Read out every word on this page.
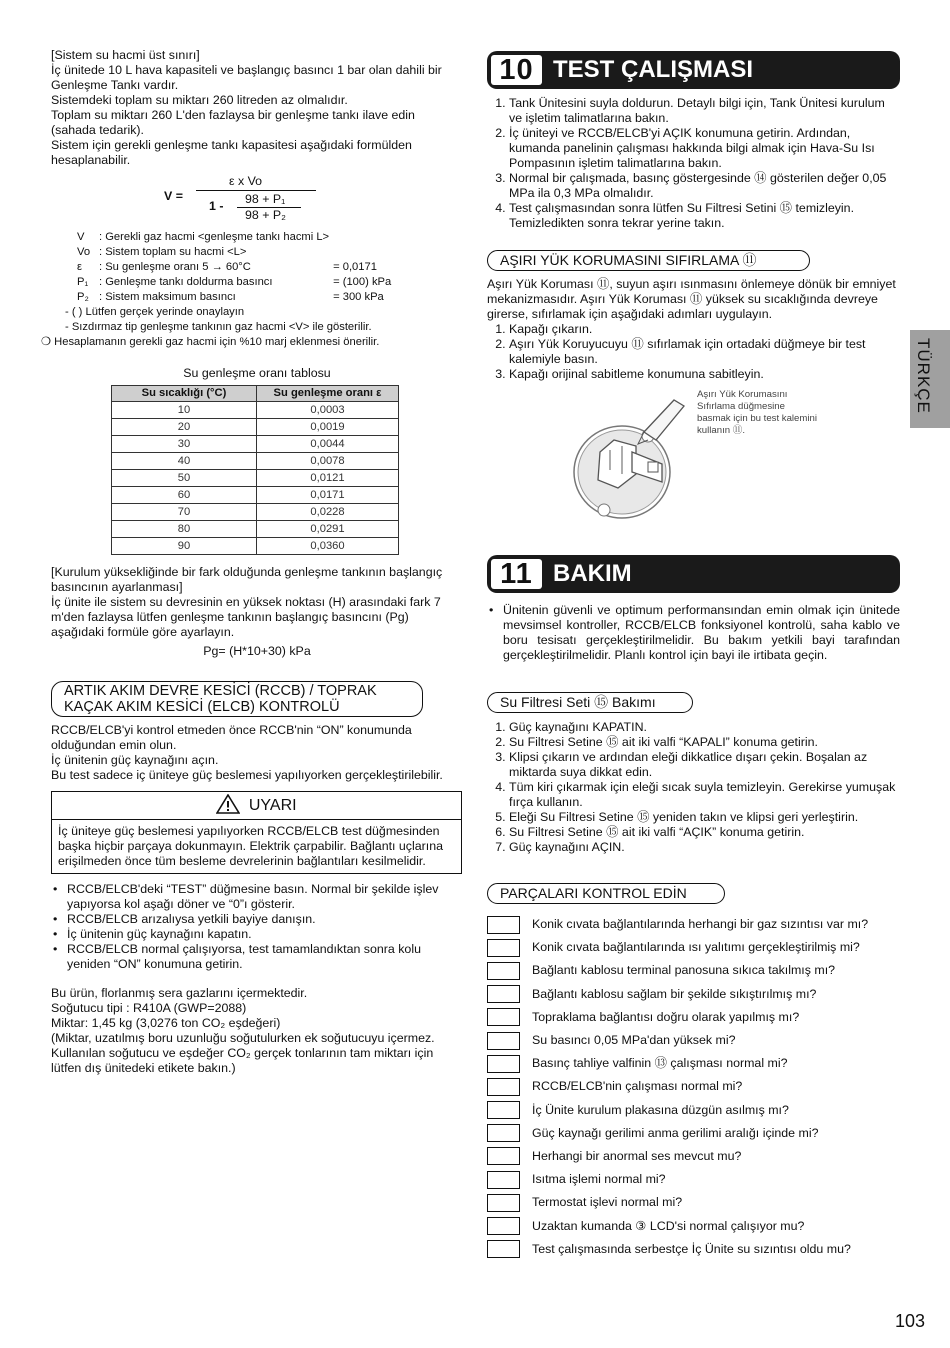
[Sistem su hacmi üst sınırı]

İç ünitede 10 L hava kapasiteli ve başlangıç basıncı 1 bar olan dahili bir Genleşme Tankı vardır.

Sistemdeki toplam su miktarı 260 litreden az olmalıdır.

Toplam su miktarı 260 L'den fazlaysa bir genleşme tankı ilave edin (sahada tedarik).

Sistem için gerekli genleşme tankı kapasitesi aşağıdaki formülden hesaplanabilir.

V =
ε x Vo
1 - 98 + P₁
98 + P₂
V	: Gerekli gaz hacmi <genleşme tankı hacmi L>	
Vo	: Sistem toplam su hacmi <L>	
ε	: Su genleşme oranı 5 → 60°C	= 0,0171
P₁	: Genleşme tankı doldurma basıncı	= (100) kPa
P₂	: Sistem maksimum basıncı	= 300 kPa

- ( ) Lütfen gerçek yerinde onaylayın

- Sızdırmaz tip genleşme tankının gaz hacmi <V> ile gösterilir.

❍ Hesaplamanın gerekli gaz hacmi için %10 marj eklenmesi önerilir.

Su genleşme oranı tablosu

Su sıcaklığı (°C)	Su genleşme oranı ε
10	0,0003
20	0,0019
30	0,0044
40	0,0078
50	0,0121
60	0,0171
70	0,0228
80	0,0291
90	0,0360

[Kurulum yüksekliğinde bir fark olduğunda genleşme tankının başlangıç basıncının ayarlanması]

İç ünite ile sistem su devresinin en yüksek noktası (H) arasındaki fark 7 m'den fazlaysa lütfen genleşme tankının başlangıç basıncını (Pg) aşağıdaki formüle göre ayarlayın.

Pg= (H*10+30) kPa

ARTIK AKIM DEVRE KESİCİ (RCCB) / TOPRAK KAÇAK AKIM KESİCİ (ELCB) KONTROLÜ

RCCB/ELCB'yi kontrol etmeden önce RCCB'nin “ON” konumunda olduğundan emin olun.

İç ünitenin güç kaynağını açın.

Bu test sadece iç üniteye güç beslemesi yapılıyorken gerçekleştirilebilir.

UYARI

İç üniteye güç beslemesi yapılıyorken RCCB/ELCB test düğmesinden başka hiçbir parçaya dokunmayın. Elektrik çarpabilir. Bağlantı uçlarına erişilmeden önce tüm besleme devrelerinin bağlantıları kesilmelidir.

• RCCB/ELCB'deki “TEST” düğmesine basın. Normal bir şekilde işlev yapıyorsa kol aşağı döner ve “0”ı gösterir.
• RCCB/ELCB arızalıysa yetkili bayiye danışın.
• İç ünitenin güç kaynağını kapatın.
• RCCB/ELCB normal çalışıyorsa, test tamamlandıktan sonra kolu yeniden “ON” konumuna getirin.

Bu ürün, florlanmış sera gazlarını içermektedir.

Soğutucu tipi : R410A (GWP=2088)

Miktar: 1,45 kg (3,0276 ton CO₂ eşdeğeri)

(Miktar, uzatılmış boru uzunluğu soğutulurken ek soğutucuyu içermez. Kullanılan soğutucu ve eşdeğer CO₂ gerçek tonlarının tam miktarı için lütfen dış ünitedeki etikete bakın.)

10 TEST ÇALIŞMASI
1. Tank Ünitesini suyla doldurun. Detaylı bilgi için, Tank Ünitesi kurulum ve işletim talimatlarına bakın.
2. İç üniteyi ve RCCB/ELCB'yi AÇIK konumuna getirin. Ardından, kumanda panelinin çalışması hakkında bilgi almak için Hava-Su Isı Pompasının işletim talimatlarına bakın.
3. Normal bir çalışmada, basınç göstergesinde ⑭ gösterilen değer 0,05 MPa ila 0,3 MPa olmalıdır.
4. Test çalışmasından sonra lütfen Su Filtresi Setini ⑮ temizleyin. Temizledikten sonra tekrar yerine takın.
AŞIRI YÜK KORUMASINI SIFIRLAMA ⑪

Aşırı Yük Koruması ⑪, suyun aşırı ısınmasını önlemeye dönük bir emniyet mekanizmasıdır. Aşırı Yük Koruması ⑪ yüksek su sıcaklığında devreye girerse, sıfırlamak için aşağıdaki adımları uygulayın.

1. Kapağı çıkarın.
2. Aşırı Yük Koruyucuyu ⑪ sıfırlamak için ortadaki düğmeye bir test kalemiyle basın.
3. Kapağı orijinal sabitleme konumuna sabitleyin.

Aşırı Yük Korumasını Sıfırlama düğmesine basmak için bu test kalemini kullanın ⑪.

11 BAKIM
• Ünitenin güvenli ve optimum performansından emin olmak için ünitede mevsimsel kontroller, RCCB/ELCB fonksiyonel kontrolü, saha kablo ve boru tesisatı gerçekleştirilmelidir. Bu bakım yetkili bayi tarafından gerçekleştirilmelidir. Planlı kontrol için bayi ile irtibata geçin.
Su Filtresi Seti ⑮ Bakımı
1. Güç kaynağını KAPATIN.
2. Su Filtresi Setine ⑮ ait iki valfi “KAPALI” konuma getirin.
3. Klipsi çıkarın ve ardından eleği dikkatlice dışarı çekin. Boşalan az miktarda suya dikkat edin.
4. Tüm kiri çıkarmak için eleği sıcak suyla temizleyin. Gerekirse yumuşak fırça kullanın.
5. Eleği Su Filtresi Setine ⑮ yeniden takın ve klipsi geri yerleştirin.
6. Su Filtresi Setine ⑮ ait iki valfi “AÇIK” konuma getirin.
7. Güç kaynağını AÇIN.
PARÇALARI KONTROL EDİN
Konik cıvata bağlantılarında herhangi bir gaz sızıntısı var mı?
Konik cıvata bağlantılarında ısı yalıtımı gerçekleştirilmiş mi?
Bağlantı kablosu terminal panosuna sıkıca takılmış mı?
Bağlantı kablosu sağlam bir şekilde sıkıştırılmış mı?
Topraklama bağlantısı doğru olarak yapılmış mı?
Su basıncı 0,05 MPa'dan yüksek mi?
Basınç tahliye valfinin ⑬ çalışması normal mi?
RCCB/ELCB'nin çalışması normal mi?
İç Ünite kurulum plakasına düzgün asılmış mı?
Güç kaynağı gerilimi anma gerilimi aralığı içinde mi?
Herhangi bir anormal ses mevcut mu?
Isıtma işlemi normal mi?
Termostat işlevi normal mi?
Uzaktan kumanda ③ LCD'si normal çalışıyor mu?
Test çalışmasında serbestçe İç Ünite su sızıntısı oldu mu?
TÜRKÇE
103
